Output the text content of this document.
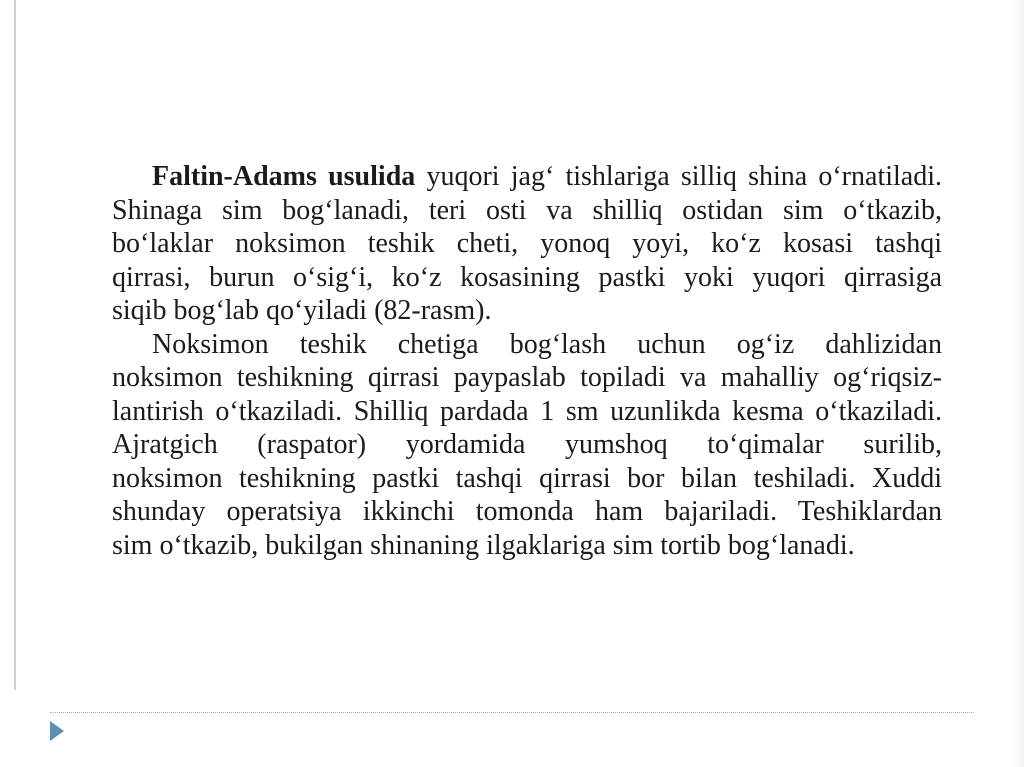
Faltin-Adams usulida yuqori jag‘ tishlariga silliq shina o‘rnatiladi.
Shinaga sim bog‘lanadi, teri osti va shilliq ostidan sim o‘tkazib,
bo‘laklar noksimon teshik cheti, yonoq yoyi, ko‘z kosasi tashqi
qirrasi, burun o‘sig‘i, ko‘z kosasining pastki yoki yuqori qirrasiga
siqib bog‘lab qo‘yiladi (82-rasm).
Noksimon teshik chetiga bog‘lash uchun og‘iz dahlizidan
noksimon teshikning qirrasi paypaslab topiladi va mahalliy og‘riqsiz-
lantirish o‘tkaziladi. Shilliq pardada 1 sm uzunlikda kesma o‘tkaziladi.
Ajratgich (raspator) yordamida yumshoq to‘qimalar surilib,
noksimon teshikning pastki tashqi qirrasi bor bilan teshiladi. Xuddi
shunday operatsiya ikkinchi tomonda ham bajariladi. Teshiklardan
sim o‘tkazib, bukilgan shinaning ilgaklariga sim tortib bog‘lanadi.
